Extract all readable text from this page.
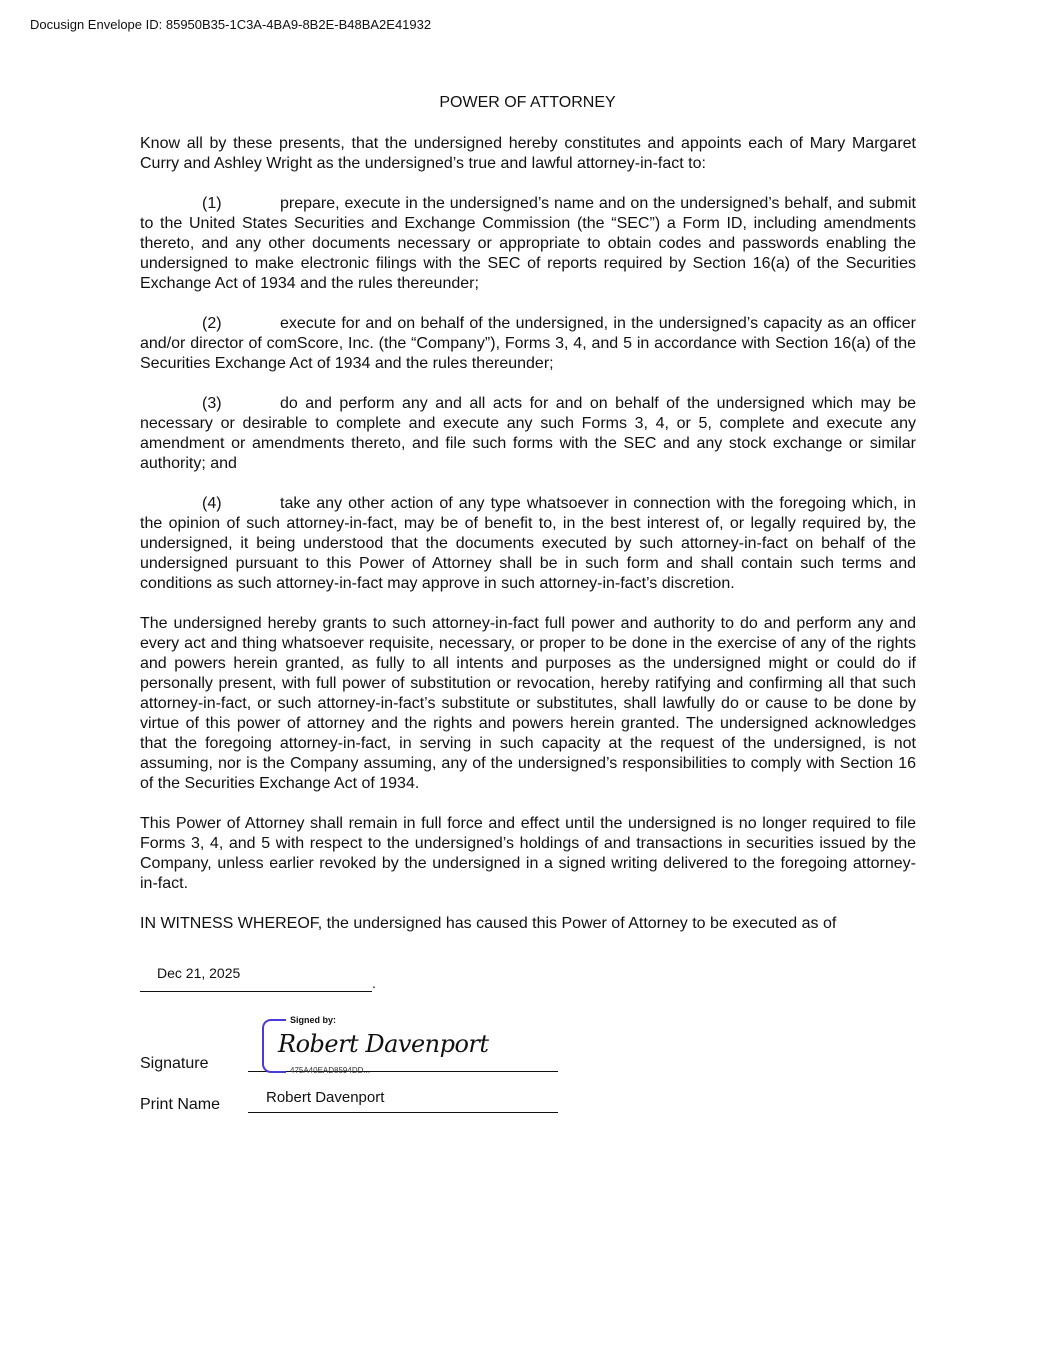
Docusign Envelope ID: 85950B35-1C3A-4BA9-8B2E-B48BA2E41932
POWER OF ATTORNEY

Know all by these presents, that the undersigned hereby constitutes and appoints each of Mary Margaret Curry and Ashley Wright as the undersigned’s true and lawful attorney-in-fact to:

(1)	prepare, execute in the undersigned’s name and on the undersigned’s behalf, and submit to the United States Securities and Exchange Commission (the “SEC”) a Form ID, including amendments thereto, and any other documents necessary or appropriate to obtain codes and passwords enabling the undersigned to make electronic filings with the SEC of reports required by Section 16(a) of the Securities Exchange Act of 1934 and the rules thereunder;

(2)	execute for and on behalf of the undersigned, in the undersigned’s capacity as an officer and/or director of comScore, Inc. (the “Company”), Forms 3, 4, and 5 in accordance with Section 16(a) of the Securities Exchange Act of 1934 and the rules thereunder;

(3)	do and perform any and all acts for and on behalf of the undersigned which may be necessary or desirable to complete and execute any such Forms 3, 4, or 5, complete and execute any amendment or amendments thereto, and file such forms with the SEC and any stock exchange or similar authority; and

(4)	take any other action of any type whatsoever in connection with the foregoing which, in the opinion of such attorney-in-fact, may be of benefit to, in the best interest of, or legally required by, the undersigned, it being understood that the documents executed by such attorney-in-fact on behalf of the undersigned pursuant to this Power of Attorney shall be in such form and shall contain such terms and conditions as such attorney-in-fact may approve in such attorney-in-fact’s discretion.

The undersigned hereby grants to such attorney-in-fact full power and authority to do and perform any and every act and thing whatsoever requisite, necessary, or proper to be done in the exercise of any of the rights and powers herein granted, as fully to all intents and purposes as the undersigned might or could do if personally present, with full power of substitution or revocation, hereby ratifying and confirming all that such attorney-in-fact, or such attorney-in-fact’s substitute or substitutes, shall lawfully do or cause to be done by virtue of this power of attorney and the rights and powers herein granted. The undersigned acknowledges that the foregoing attorney-in-fact, in serving in such capacity at the request of the undersigned, is not assuming, nor is the Company assuming, any of the undersigned’s responsibilities to comply with Section 16 of the Securities Exchange Act of 1934.

This Power of Attorney shall remain in full force and effect until the undersigned is no longer required to file Forms 3, 4, and 5 with respect to the undersigned’s holdings of and transactions in securities issued by the Company, unless earlier revoked by the undersigned in a signed writing delivered to the foregoing attorney-in-fact.

IN WITNESS WHEREOF, the undersigned has caused this Power of Attorney to be executed as of

Dec 21, 2025
.
Signature
Signed by:
Robert Davenport
475A40EAD8594DD...
Print Name	Robert Davenport
